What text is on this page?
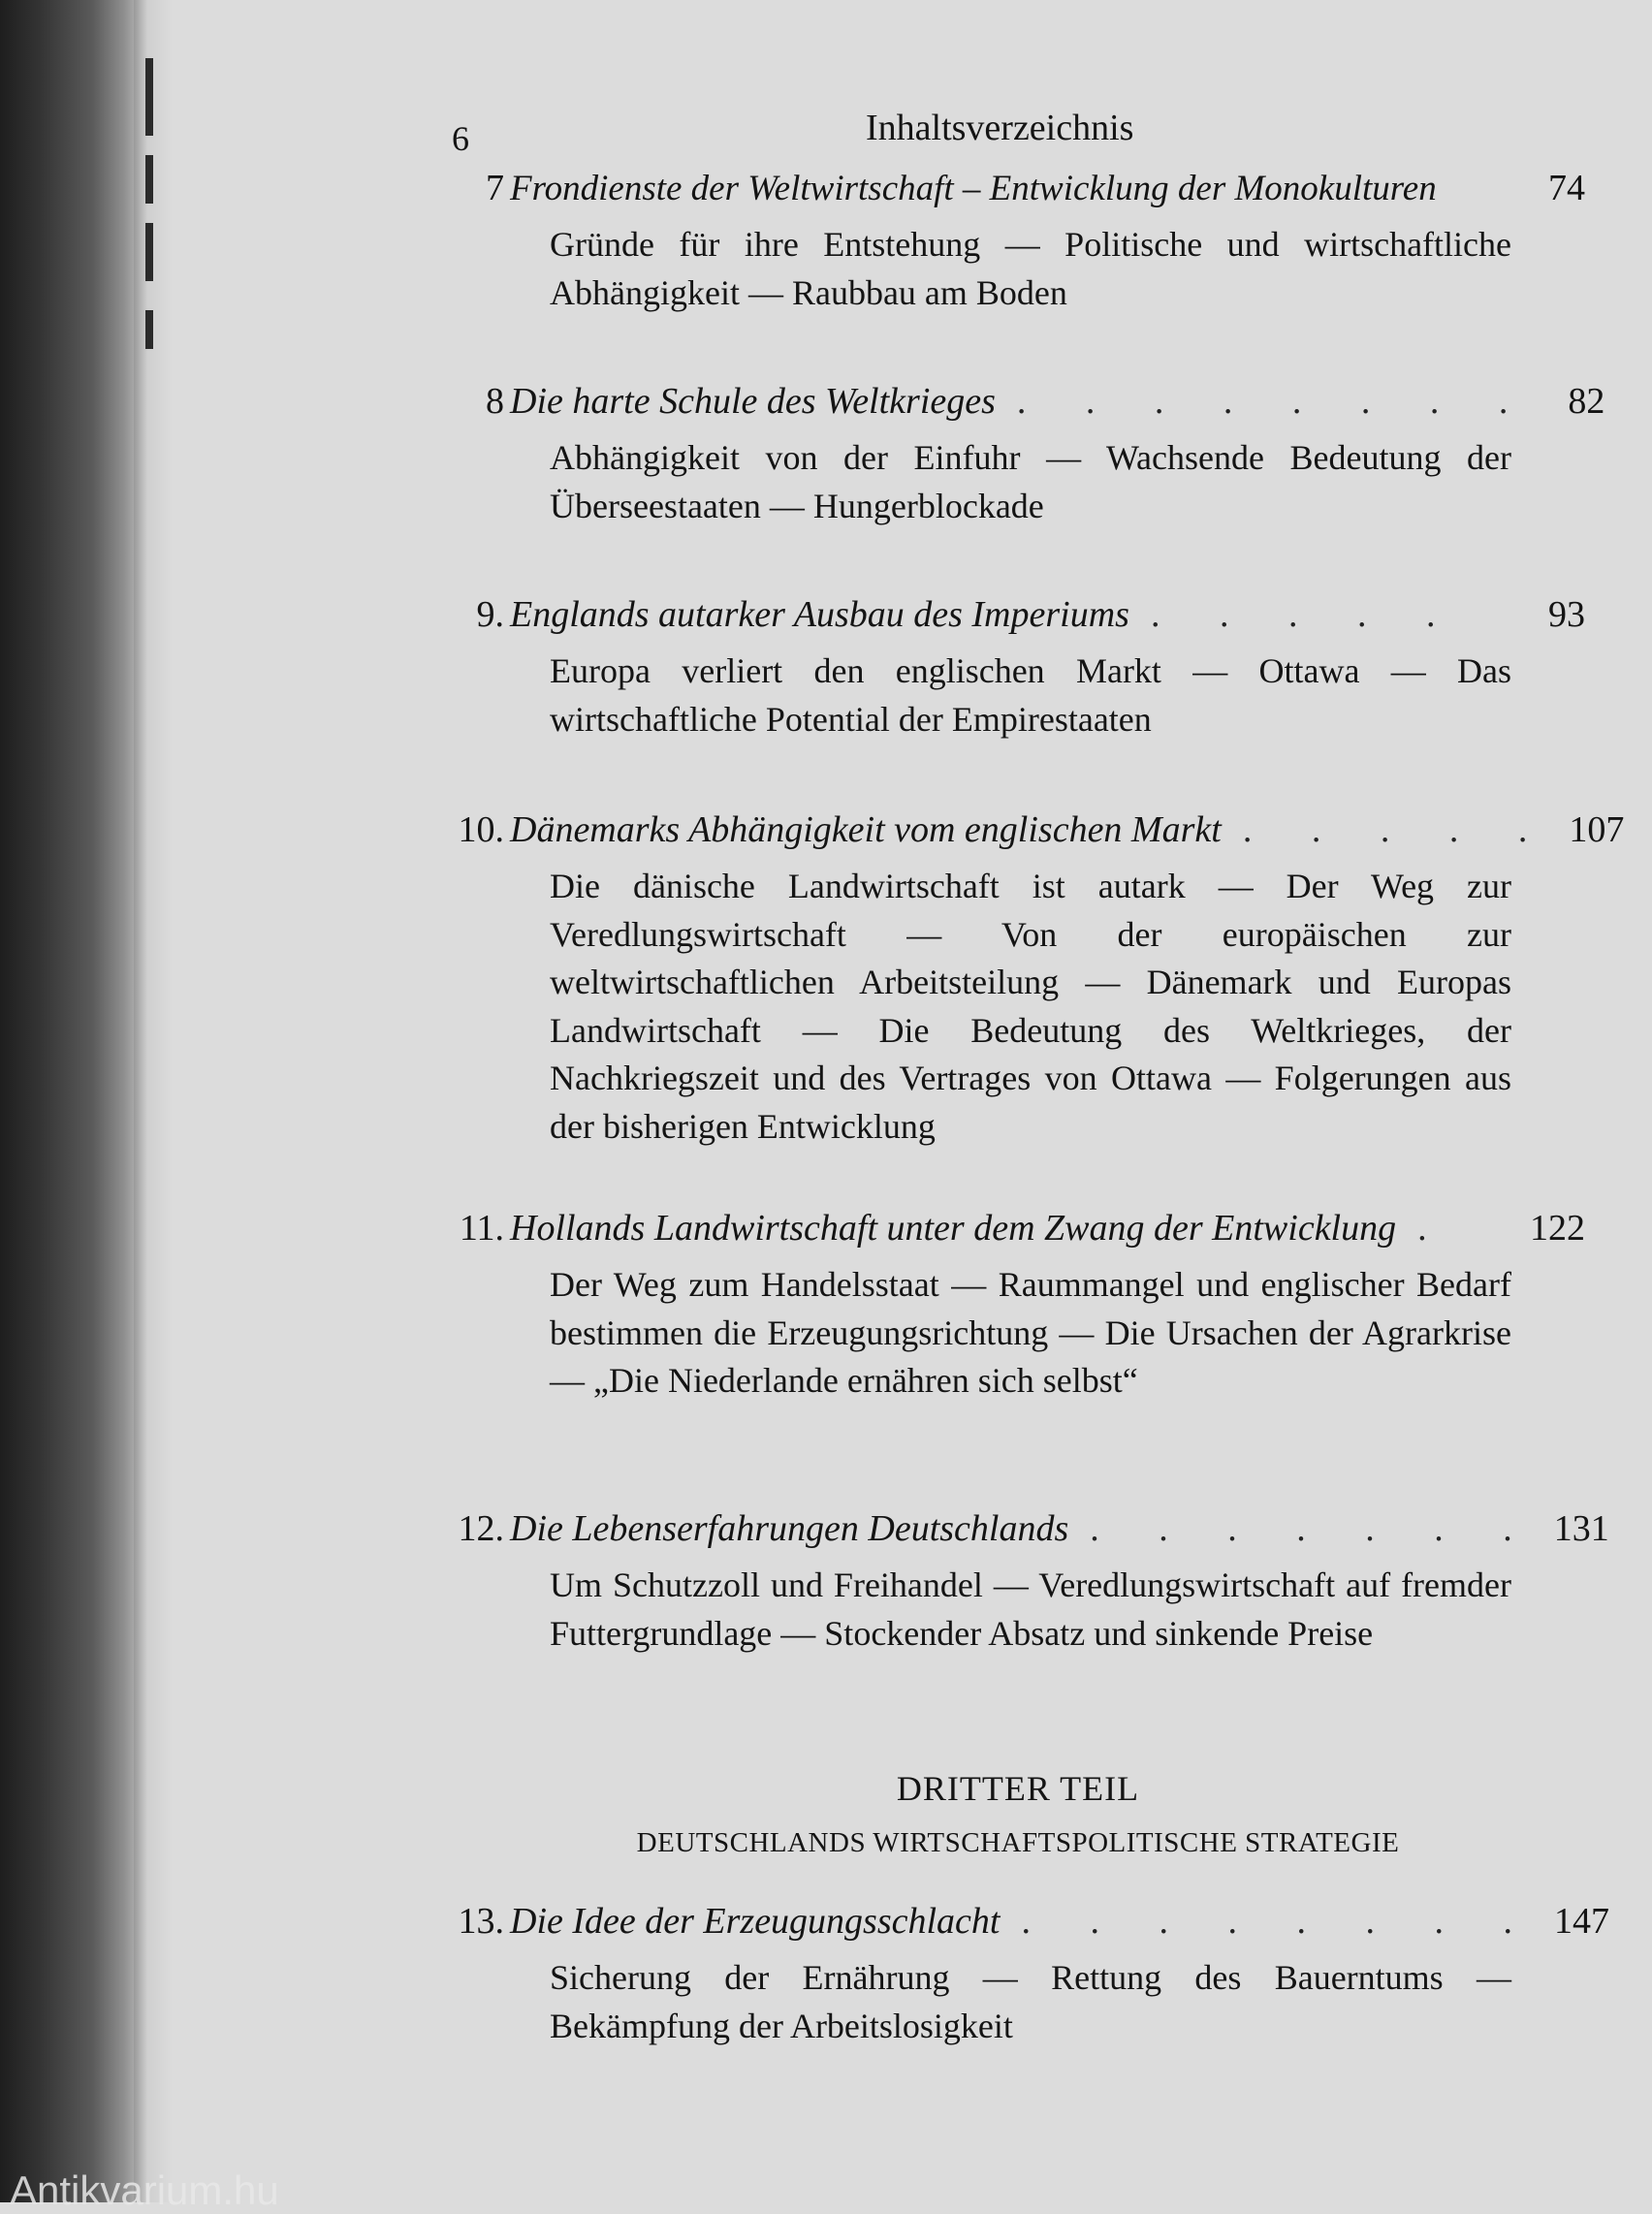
6	Inhaltsverzeichnis
7 Frondienste der Weltwirtschaft – Entwicklung der Monokulturen	74
Gründe für ihre Entstehung — Politische und wirtschaftliche Abhängigkeit — Raubbau am Boden
8 Die harte Schule des Weltkrieges . . . . . . . . 82
Abhängigkeit von der Einfuhr — Wachsende Bedeutung der Überseestaaten — Hungerblockade
9. Englands autarker Ausbau des Imperiums . . . . .	93
Europa verliert den englischen Markt — Ottawa — Das wirtschaftliche Potential der Empirestaaten
10. Dänemarks Abhängigkeit vom englischen Markt . . . . . 107
Die dänische Landwirtschaft ist autark — Der Weg zur Veredlungswirtschaft — Von der europäischen zur weltwirtschaftlichen Arbeitsteilung — Dänemark und Europas Landwirtschaft — Die Bedeutung des Weltkrieges, der Nachkriegszeit und des Vertrages von Ottawa — Folgerungen aus der bisherigen Entwicklung
11. Hollands Landwirtschaft unter dem Zwang der Entwicklung .	122
Der Weg zum Handelsstaat — Raummangel und englischer Bedarf bestimmen die Erzeugungsrichtung — Die Ursachen der Agrarkrise — „Die Niederlande ernähren sich selbst“
12. Die Lebenserfahrungen Deutschlands . . . . . . . 131
Um Schutzzoll und Freihandel — Veredlungswirtschaft auf fremder Futtergrundlage — Stockender Absatz und sinkende Preise
DRITTER TEIL
DEUTSCHLANDS WIRTSCHAFTSPOLITISCHE STRATEGIE
13. Die Idee der Erzeugungsschlacht . . . . . . . . 147
Sicherung der Ernährung — Rettung des Bauerntums — Bekämpfung der Arbeitslosigkeit
Antikvarium.hu
